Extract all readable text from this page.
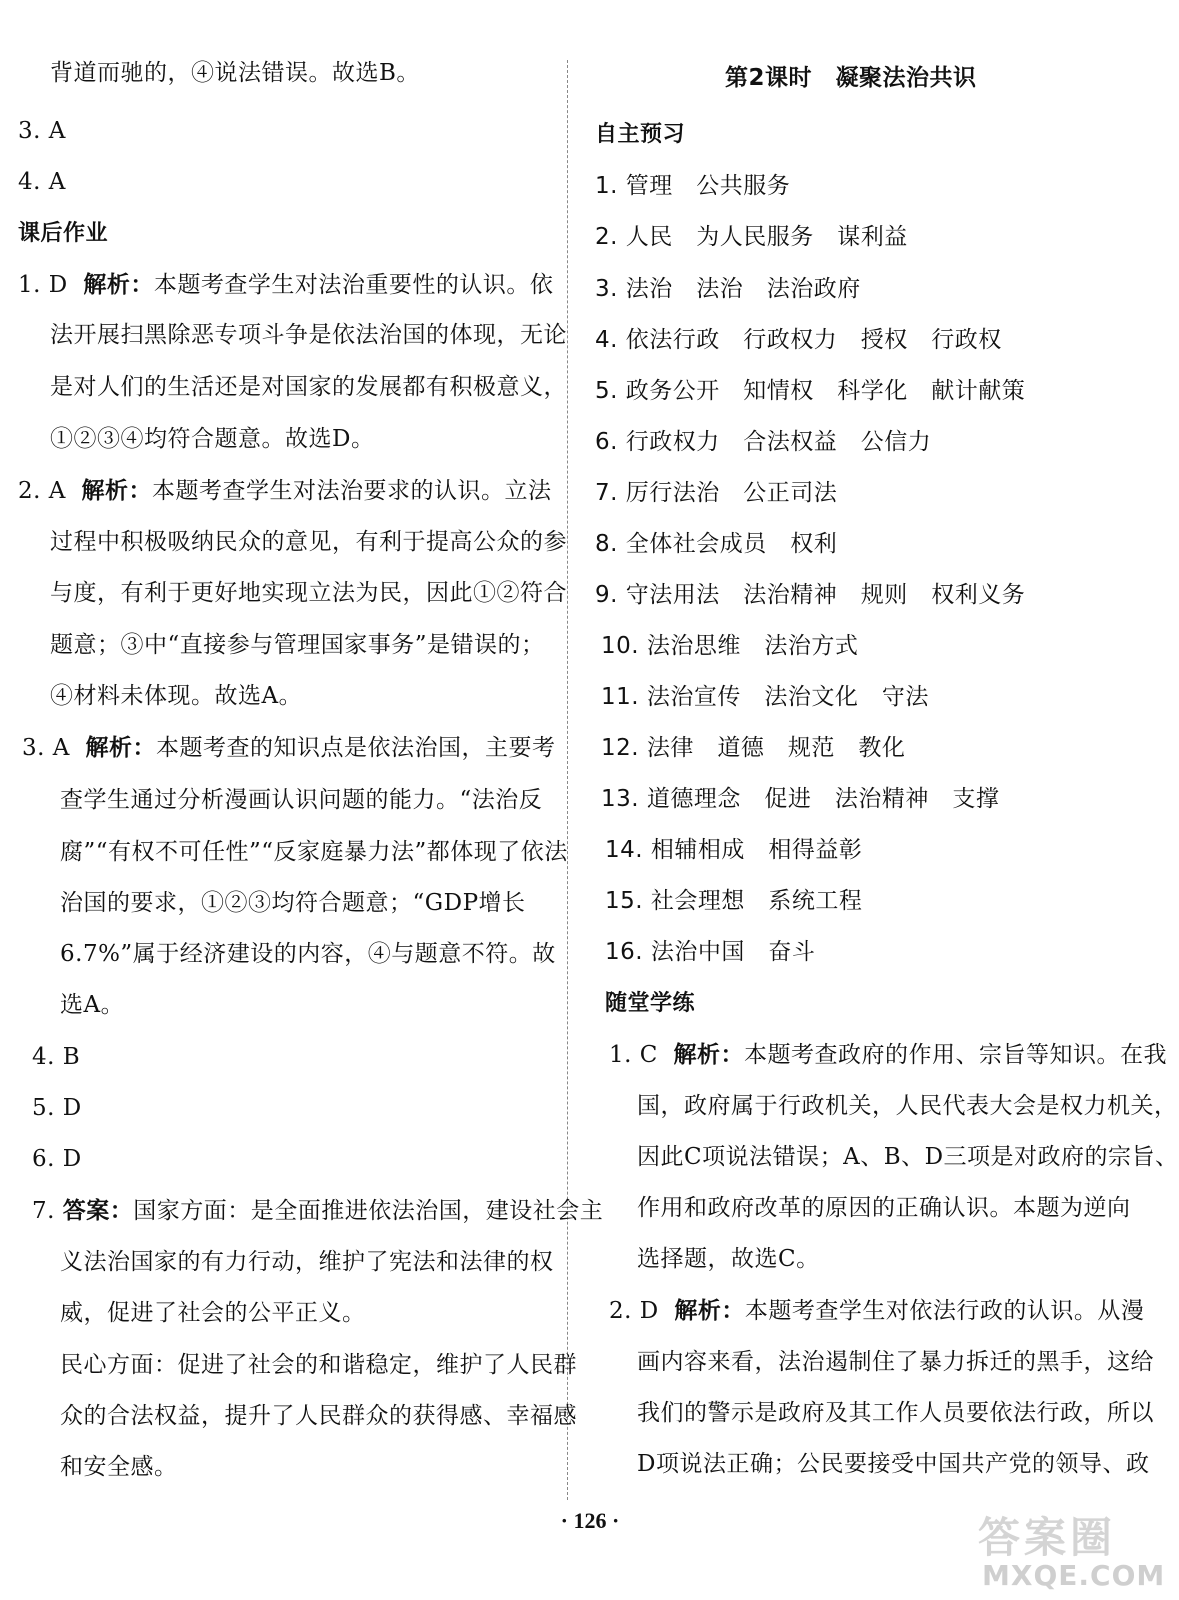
背道而驰的，④说法错误。故选B。
3. A
4. A
课后作业
1. D 解析：本题考查学生对法治重要性的认识。依
法开展扫黑除恶专项斗争是依法治国的体现，无论
是对人们的生活还是对国家的发展都有积极意义，
①②③④均符合题意。故选D。
2. A 解析：本题考查学生对法治要求的认识。立法
过程中积极吸纳民众的意见，有利于提高公众的参
与度，有利于更好地实现立法为民，因此①②符合
题意；③中“直接参与管理国家事务”是错误的；
④材料未体现。故选A。
3. A 解析：本题考查的知识点是依法治国，主要考
查学生通过分析漫画认识问题的能力。“法治反
腐”“有权不可任性”“反家庭暴力法”都体现了依法
治国的要求，①②③均符合题意；“GDP增长
6.7%”属于经济建设的内容，④与题意不符。故
选A。
4. B
5. D
6. D
7. 答案：国家方面：是全面推进依法治国，建设社会主
义法治国家的有力行动，维护了宪法和法律的权
威，促进了社会的公平正义。
民心方面：促进了社会的和谐稳定，维护了人民群
众的合法权益，提升了人民群众的获得感、幸福感
和安全感。
第2课时　凝聚法治共识
自主预习
1. 管理　公共服务
2. 人民　为人民服务　谋利益
3. 法治　法治　法治政府
4. 依法行政　行政权力　授权　行政权
5. 政务公开　知情权　科学化　献计献策
6. 行政权力　合法权益　公信力
7. 厉行法治　公正司法
8. 全体社会成员　权利
9. 守法用法　法治精神　规则　权利义务
10. 法治思维　法治方式
11. 法治宣传　法治文化　守法
12. 法律　道德　规范　教化
13. 道德理念　促进　法治精神　支撑
14. 相辅相成　相得益彰
15. 社会理想　系统工程
16. 法治中国　奋斗
随堂学练
1. C 解析：本题考查政府的作用、宗旨等知识。在我
国，政府属于行政机关，人民代表大会是权力机关，
因此C项说法错误；A、B、D三项是对政府的宗旨、
作用和政府改革的原因的正确认识。本题为逆向
选择题，故选C。
2. D 解析：本题考查学生对依法行政的认识。从漫
画内容来看，法治遏制住了暴力拆迁的黑手，这给
我们的警示是政府及其工作人员要依法行政，所以
D项说法正确；公民要接受中国共产党的领导、政
· 126 ·	答案圈
MXQE.COM
